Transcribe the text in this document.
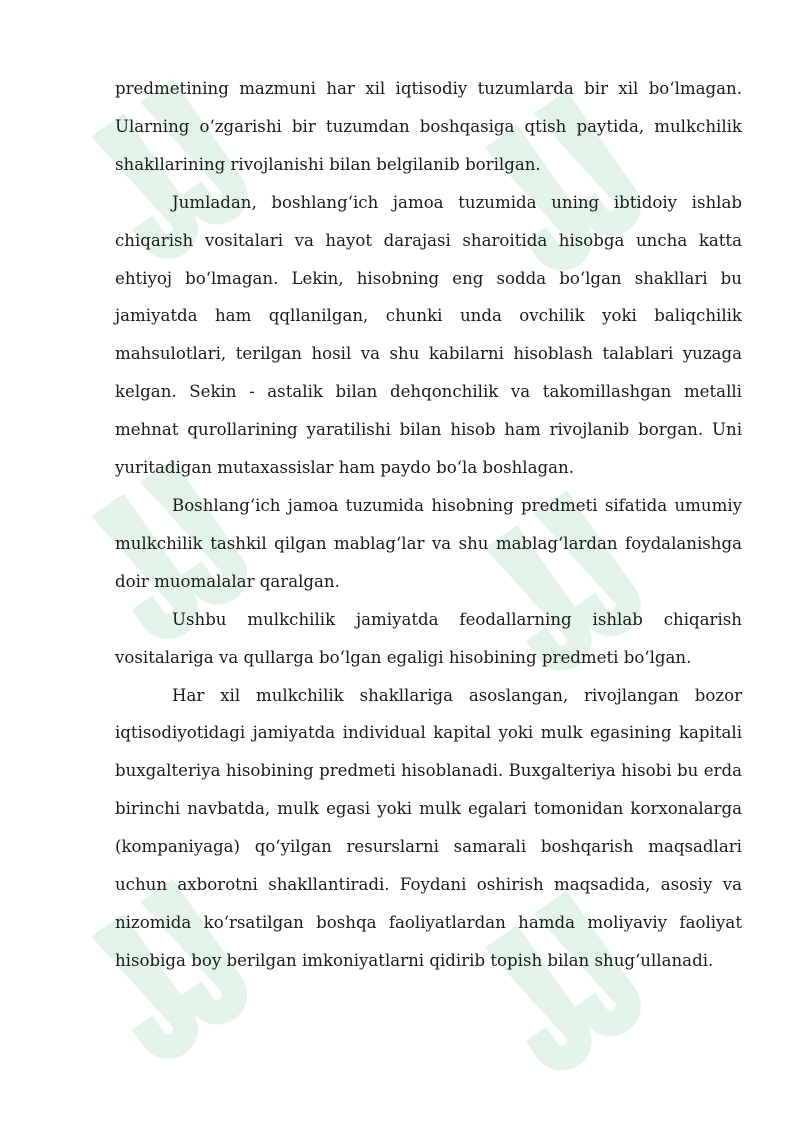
predmetining mazmuni har xil iqtisodiy tuzumlarda bir xil boʻlmagan. Ularning oʻzgarishi bir tuzumdan boshqasiga qtish paytida, mulkchilik shakllarining rivojlanishi bilan belgilanib borilgan.

Jumladan, boshlangʻich jamoa tuzumida uning ibtidoiy ishlab chiqarish vositalari va hayot darajasi sharoitida hisobga uncha katta ehtiyoj boʻlmagan. Lekin, hisobning eng sodda boʻlgan shakllari bu jamiyatda ham qqllanilgan, chunki unda ovchilik yoki baliqchilik mahsulotlari, terilgan hosil va shu kabilarni hisoblash talablari yuzaga kelgan. Sekin - astalik bilan dehqonchilik va takomillashgan metalli mehnat qurollarining yaratilishi bilan hisob ham rivojlanib borgan. Uni yuritadigan mutaxassislar ham paydo boʻla boshlagan.

Boshlangʻich jamoa tuzumida hisobning predmeti sifatida umumiy mulkchilik tashkil qilgan mablagʻlar va shu mablagʻlardan foydalanishga doir muomalalar qaralgan.

Ushbu mulkchilik jamiyatda feodallarning ishlab chiqarish vositalariga va qullarga boʻlgan egaligi hisobining predmeti boʻlgan.

Har xil mulkchilik shakllariga asoslangan, rivojlangan bozor iqtisodiyotidagi jamiyatda individual kapital yoki mulk egasining kapitali buxgalteriya hisobining predmeti hisoblanadi. Buxgalteriya hisobi bu erda birinchi navbatda, mulk egasi yoki mulk egalari tomonidan korxonalarga (kompaniyaga) qoʻyilgan resurslarni samarali boshqarish maqsadlari uchun axborotni shakllantiradi. Foydani oshirish maqsadida, asosiy va nizomida koʻrsatilgan boshqa faoliyatlardan hamda moliyaviy faoliyat hisobiga boy berilgan imkoniyatlarni qidirib topish bilan shugʻullanadi.
